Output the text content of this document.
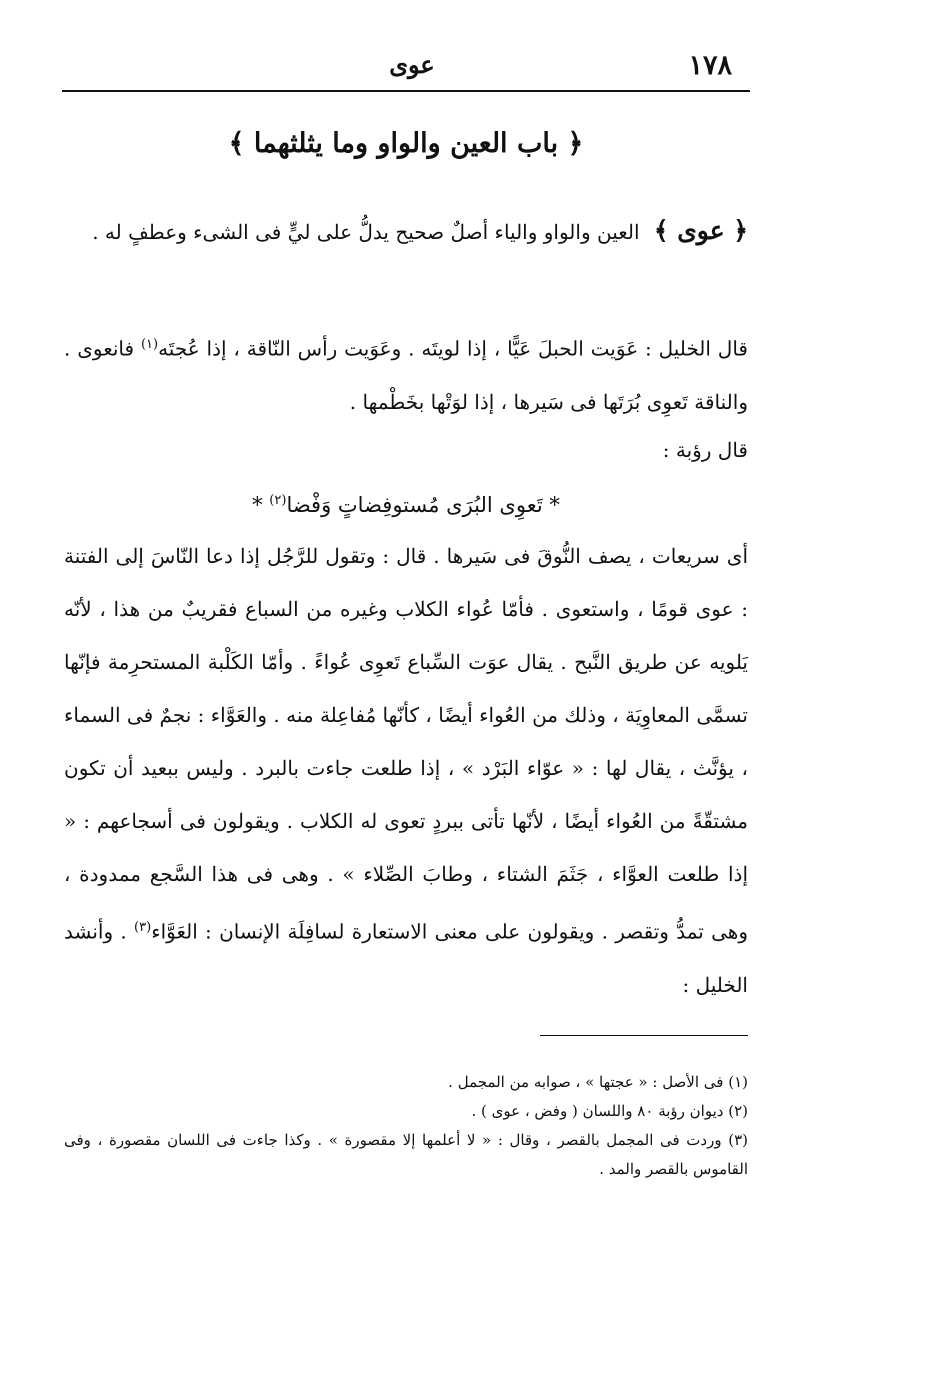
١٧٨
عوى
﴿ باب العين والواو وما يثلثهما ﴾
﴿ عوى ﴾ العين والواو والياء أصلٌ صحيح يدلُّ على ليٍّ فى الشىء وعطفٍ له .
قال الخليل : عَوَيت الحبلَ عَيًّا ، إذا لويتَه . وعَوَيت رأس النّاقة ، إذا عُجتَه$^{(١)}$ فانعوى . والناقة تَعوِى بُرَتَها فى سَيرها ، إذا لوَتْها بخَطْمها .
قال رؤبة :
* تَعوِى البُرَى مُستوفِضاتٍ وَفْضا$^{(٢)}$ *
أى سريعات ، يصف النُّوقَ فى سَيرها . قال : وتقول للرَّجُل إذا دعا النّاسَ إلى الفتنة : عوى قومًا ، واستعوى . فأمّا عُواء الكلاب وغيره من السباع فقريبٌ من هذا ، لأنّه يَلويه عن طريق النَّبح . يقال عوَت السِّباع تَعوِى عُواءً . وأمّا الكَلْبة المستحرِمة فإنّها تسمَّى المعاوِيَة ، وذلك من العُواء أيضًا ، كأنّها مُفاعِلة منه . والعَوَّاء : نجمٌ فى السماء ، يؤنَّث ، يقال لها : « عوّاء البَرْد » ، إذا طلعت جاءت بالبرد . وليس ببعيد أن تكون مشتقّةً من العُواء أيضًا ، لأنّها تأتى ببردٍ تعوى له الكلاب . ويقولون فى أسجاعهم : « إذا طلعت العوَّاء ، جَثَمَ الشتاء ، وطابَ الصِّلاء » . وهى فى هذا السَّجع ممدودة ، وهى تمدُّ وتقصر . ويقولون على معنى الاستعارة لسافِلَة الإنسان : العَوَّاء$^{(٣)}$ . وأنشد الخليل :

(١) فى الأصل : « عجتها » ، صوابه من المجمل .

(٢) ديوان رؤبة ٨٠ واللسان ( وفض ، عوى ) .

(٣) وردت فى المجمل بالقصر ، وقال : « لا أعلمها إلا مقصورة » . وكذا جاءت فى اللسان مقصورة ، وفى القاموس بالقصر والمد .
